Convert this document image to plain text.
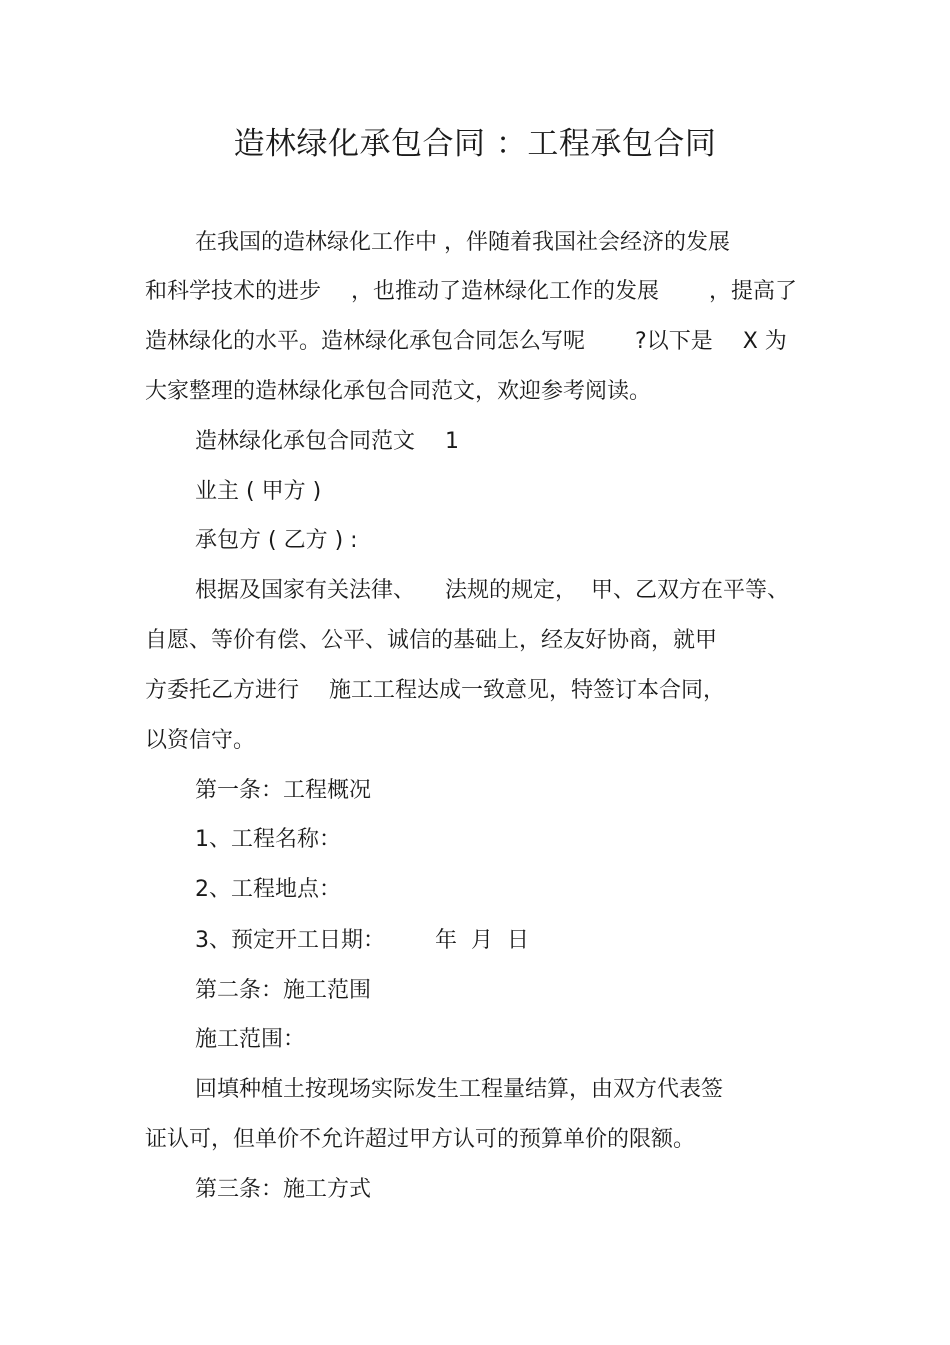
造林绿化承包合同 ：工程承包合同
在我国的造林绿化工作中 ，伴随着我国社会经济的发展
和科学技术的进步 ，也推动了造林绿化工作的发展 ，提高了
造林绿化的水平。造林绿化承包合同怎么写呢 ?以下是 X 为
大家整理的造林绿化承包合同范文，欢迎参考阅读。
造林绿化承包合同范文 1
业主 ( 甲方 )
承包方 ( 乙方 ) :
根据及国家有关法律、 法规的规定， 甲、乙双方在平等、
自愿、等价有偿、公平、诚信的基础上，经友好协商，就甲
方委托乙方进行 施工工程达成一致意见，特签订本合同，
以资信守。
第一条：工程概况
1、工程名称：
2、工程地点：
3、预定开工日期： 年 月 日
第二条：施工范围
施工范围：
回填种植土按现场实际发生工程量结算，由双方代表签
证认可，但单价不允许超过甲方认可的预算单价的限额。
第三条：施工方式
